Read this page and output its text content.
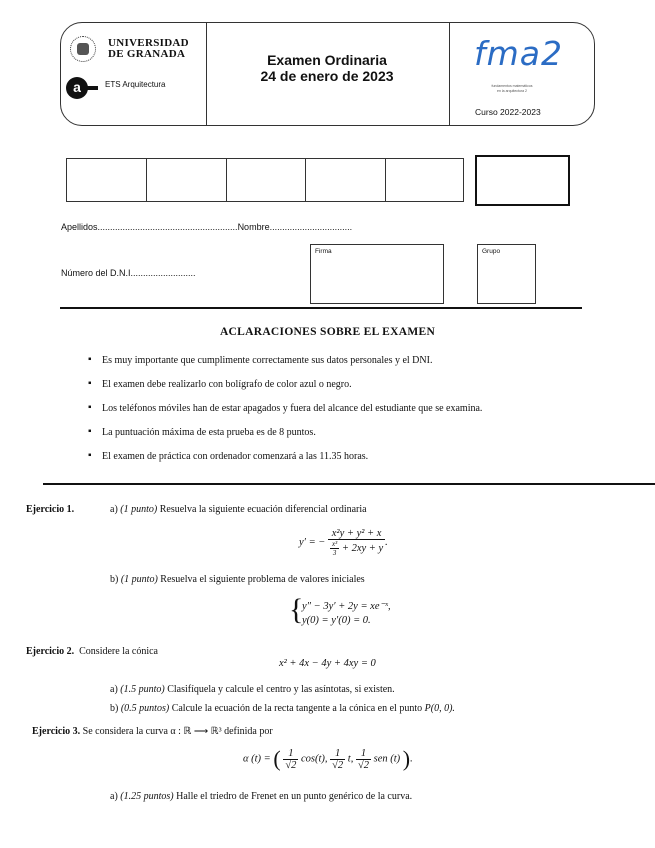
UNIVERSIDAD
DE GRANADA
a	ETS Arquitectura
Examen Ordinaria
24 de enero de 2023
fma2
fundamentos matemáticos
en la arquitectura 2
Curso 2022-2023
Apellidos........................................................Nombre.................................
Número del D.N.I..........................
Firma	Grupo
ACLARACIONES SOBRE EL EXAMEN
▪ Es muy importante que cumplimente correctamente sus datos personales y el DNI.
▪ El examen debe realizarlo con bolígrafo de color azul o negro.
▪ Los teléfonos móviles han de estar apagados y fuera del alcance del estudiante que se examina.
▪ La puntuación máxima de esta prueba es de 8 puntos.
▪ El examen de práctica con ordenador comenzará a las 11.35 horas.
Ejercicio 1.	a) (1 punto) Resuelva la siguiente ecuación diferencial ordinaria
y′ = − $\frac{\text{x²y + y² + x}}{\frac{\text{x³}}{3} + 2xy + y}$ .
b) (1 punto) Resuelva el siguiente problema de valores iniciales
{
y″ − 3y′ + 2y = xe⁻ˣ,
y(0) = y′(0) = 0.
Ejercicio 2. Considere la cónica
x² + 4x − 4y + 4xy = 0
a) (1.5 punto) Clasifíquela y calcule el centro y las asíntotas, si existen.
b) (0.5 puntos) Calcule la ecuación de la recta tangente a la cónica en el punto P(0, 0).
Ejercicio 3. Se considera la curva α : ℝ ⟶ ℝ³ definida por
α (t) = ( $\frac{1}{√2} \cos(t)$, $\frac{1}{√2} t$, $\frac{1}{√2}$ sen (t) ).
a) (1.25 puntos) Halle el triedro de Frenet en un punto genérico de la curva.
